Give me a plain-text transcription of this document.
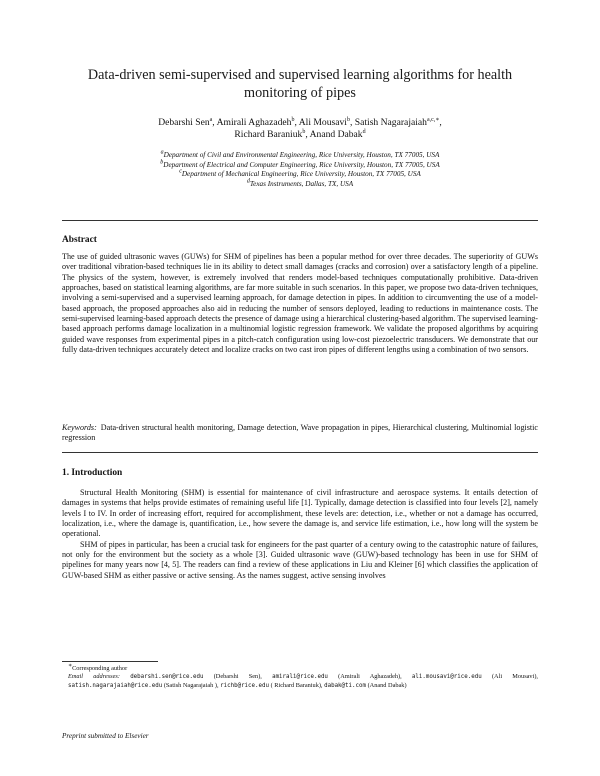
Data-driven semi-supervised and supervised learning algorithms for health monitoring of pipes
Debarshi Sen$^a$, Amirali Aghazadeh$^b$, Ali Mousavi$^b$, Satish Nagarajaiah$^{a,c,∗}$,
Richard Baraniuk$^b$, Anand Dabak$^d$
$^a$Department of Civil and Environmental Engineering, Rice University, Houston, TX 77005, USA
$^b$Department of Electrical and Computer Engineering, Rice University, Houston, TX 77005, USA
$^c$Department of Mechanical Engineering, Rice University, Houston, TX 77005, USA
$^d$Texas Instruments, Dallas, TX, USA
Abstract
The use of guided ultrasonic waves (GUWs) for SHM of pipelines has been a popular method for over three decades. The superiority of GUWs over traditional vibration-based techniques lie in its ability to detect small damages (cracks and corrosion) over a satisfactory length of a pipeline. The physics of the system, however, is extremely involved that renders model-based techniques computationally prohibitive. Data-driven approaches, based on statistical learning algorithms, are far more suitable in such scenarios. In this paper, we propose two data-driven techniques, involving a semi-supervised and a supervised learning approach, for damage detection in pipes. In addition to circumventing the use of a model-based approach, the proposed approaches also aid in reducing the number of sensors deployed, leading to reductions in maintenance costs. The semi-supervised learning-based approach detects the presence of damage using a hierarchical clustering-based algorithm. The supervised learning-based approach performs damage localization in a multinomial logistic regression framework. We validate the proposed algorithms by acquiring guided wave responses from experimental pipes in a pitch-catch configuration using low-cost piezoelectric transducers. We demonstrate that our fully data-driven techniques accurately detect and localize cracks on two cast iron pipes of different lengths using a combination of two sensors.
Keywords: Data-driven structural health monitoring, Damage detection, Wave propagation in pipes, Hierarchical clustering, Multinomial logistic regression
1. Introduction

Structural Health Monitoring (SHM) is essential for maintenance of civil infrastructure and aerospace systems. It entails detection of damages in systems that helps provide estimates of remaining useful life [1]. Typically, damage detection is classified into four levels [2], namely levels I to IV. In order of increasing effort, required for accomplishment, these levels are: detection, i.e., whether or not a damage has occurred, localization, i.e., where the damage is, quantification, i.e., how severe the damage is, and service life estimation, i.e., how long will the system be operational.

SHM of pipes in particular, has been a crucial task for engineers for the past quarter of a century owing to the catastrophic nature of failures, not only for the environment but the society as a whole [3]. Guided ultrasonic wave (GUW)-based technology has been in use for SHM of pipelines for many years now [4, 5]. The readers can find a review of these applications in Liu and Kleiner [6] which classifies the application of GUW-based SHM as either passive or active sensing. As the names suggest, active sensing involves

∗Corresponding author

Email addresses: debarshi.sen@rice.edu (Debarshi Sen), amirali@rice.edu (Amirali Aghazadeh), ali.mousavi@rice.edu (Ali Mousavi), satish.nagarajaiah@rice.edu (Satish Nagarajaiah ), richb@rice.edu ( Richard Baraniuk), dabak@ti.com (Anand Dabak)

Preprint submitted to Elsevier
